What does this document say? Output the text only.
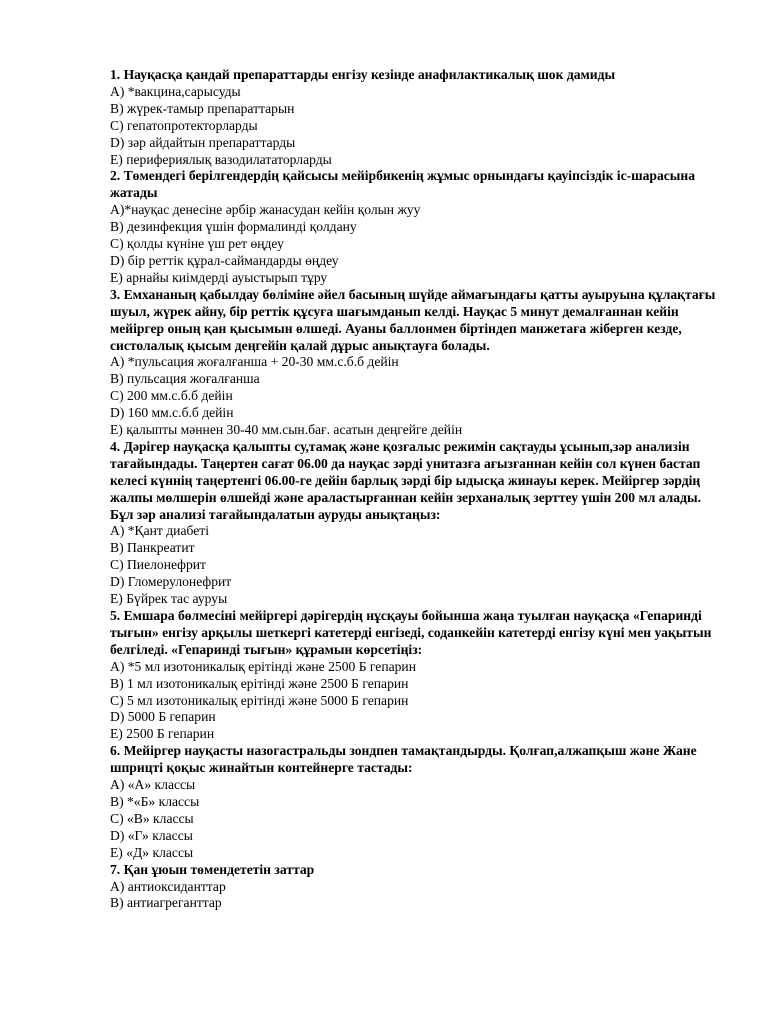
1. Науқасқа қандай препараттарды енгізу кезінде анафилактикалық шок дамиды

A) *вакцина,сарысуды

B) жүрек-тамыр препараттарын

C) гепатопротекторларды

D) зәр айдайтын препараттарды

E) перифериялық вазодилататорларды

2. Төмендегі берілгендердің қайсысы мейірбикенің жұмыс орнындағы қауіпсіздік іс-шарасына жатады

A)*науқас денесіне әрбір жанасудан кейін қолын жуу

B) дезинфекция үшін формалинді қолдану

C) қолды күніне үш рет өңдеу

D) бір реттік құрал-саймандарды өңдеу

E) арнайы киімдерді ауыстырып тұру

3. Емхананың қабылдау бөліміне әйел басының шүйде аймағындағы қатты ауыруына құлақтағы шуыл, жүрек айну, бір реттік құсуға шағымданып келді. Науқас 5 минут демалғаннан кейін мейіргер оның қан қысымын өлшеді. Ауаны баллонмен біртіндеп манжетаға жіберген кезде, систолалық қысым деңгейін қалай дұрыс анықтауға болады.

A) *пульсация жоғалғанша + 20-30 мм.с.б.б дейін

B) пульсация жоғалғанша

C) 200 мм.с.б.б дейін

D) 160 мм.с.б.б дейін

E) қалыпты мәннен 30-40 мм.сын.бағ. асатын деңгейге дейін

4. Дәрігер науқасқа қалыпты су,тамақ және қозғалыс режимін сақтауды ұсынып,зәр анализін тағайындады. Таңертен сағат 06.00 да науқас зәрді унитазға ағызғаннан кейін сол күнен бастап келесі күннің таңертенгі 06.00-ге дейін барлық зәрді бір ыдысқа жинауы керек. Мейіргер зәрдің жалпы мөлшерін өлшейді және араластырғаннан кейін зерханалық зерттеу үшін 200 мл алады. Бұл зәр анализі тағайындалатын ауруды анықтаңыз:

A) *Қант диабеті

B) Панкреатит

C) Пиелонефрит

D) Гломерулонефрит

E) Бүйрек тас ауруы

5. Емшара бөлмесіні мейіргері дәрігердің нұсқауы бойынша жаңа туылған науқасқа «Гепаринді тығын» енгізу арқылы шеткергі катетерді енгізеді, соданкейін катетерді енгізу күні мен уақытын белгіледі. «Гепаринді тығын» құрамын көрсетіңіз:

A) *5 мл изотоникалық ерітінді және 2500 Б гепарин

B) 1 мл изотоникалық ерітінді және 2500 Б гепарин

C) 5 мл изотоникалық ерітінді және 5000 Б гепарин

D) 5000 Б гепарин

E) 2500 Б гепарин

6. Мейіргер науқасты назогастральды зондпен тамақтандырды. Қолғап,алжапқыш және Жане шприцті қоқыс жинайтын контейнерге тастады:

A) «А» классы

B) *«Б» классы

C) «В» классы

D) «Г» классы

E) «Д» классы

7. Қан ұюын төмендететін заттар

A) антиоксиданттар

B) антиагреганттар
